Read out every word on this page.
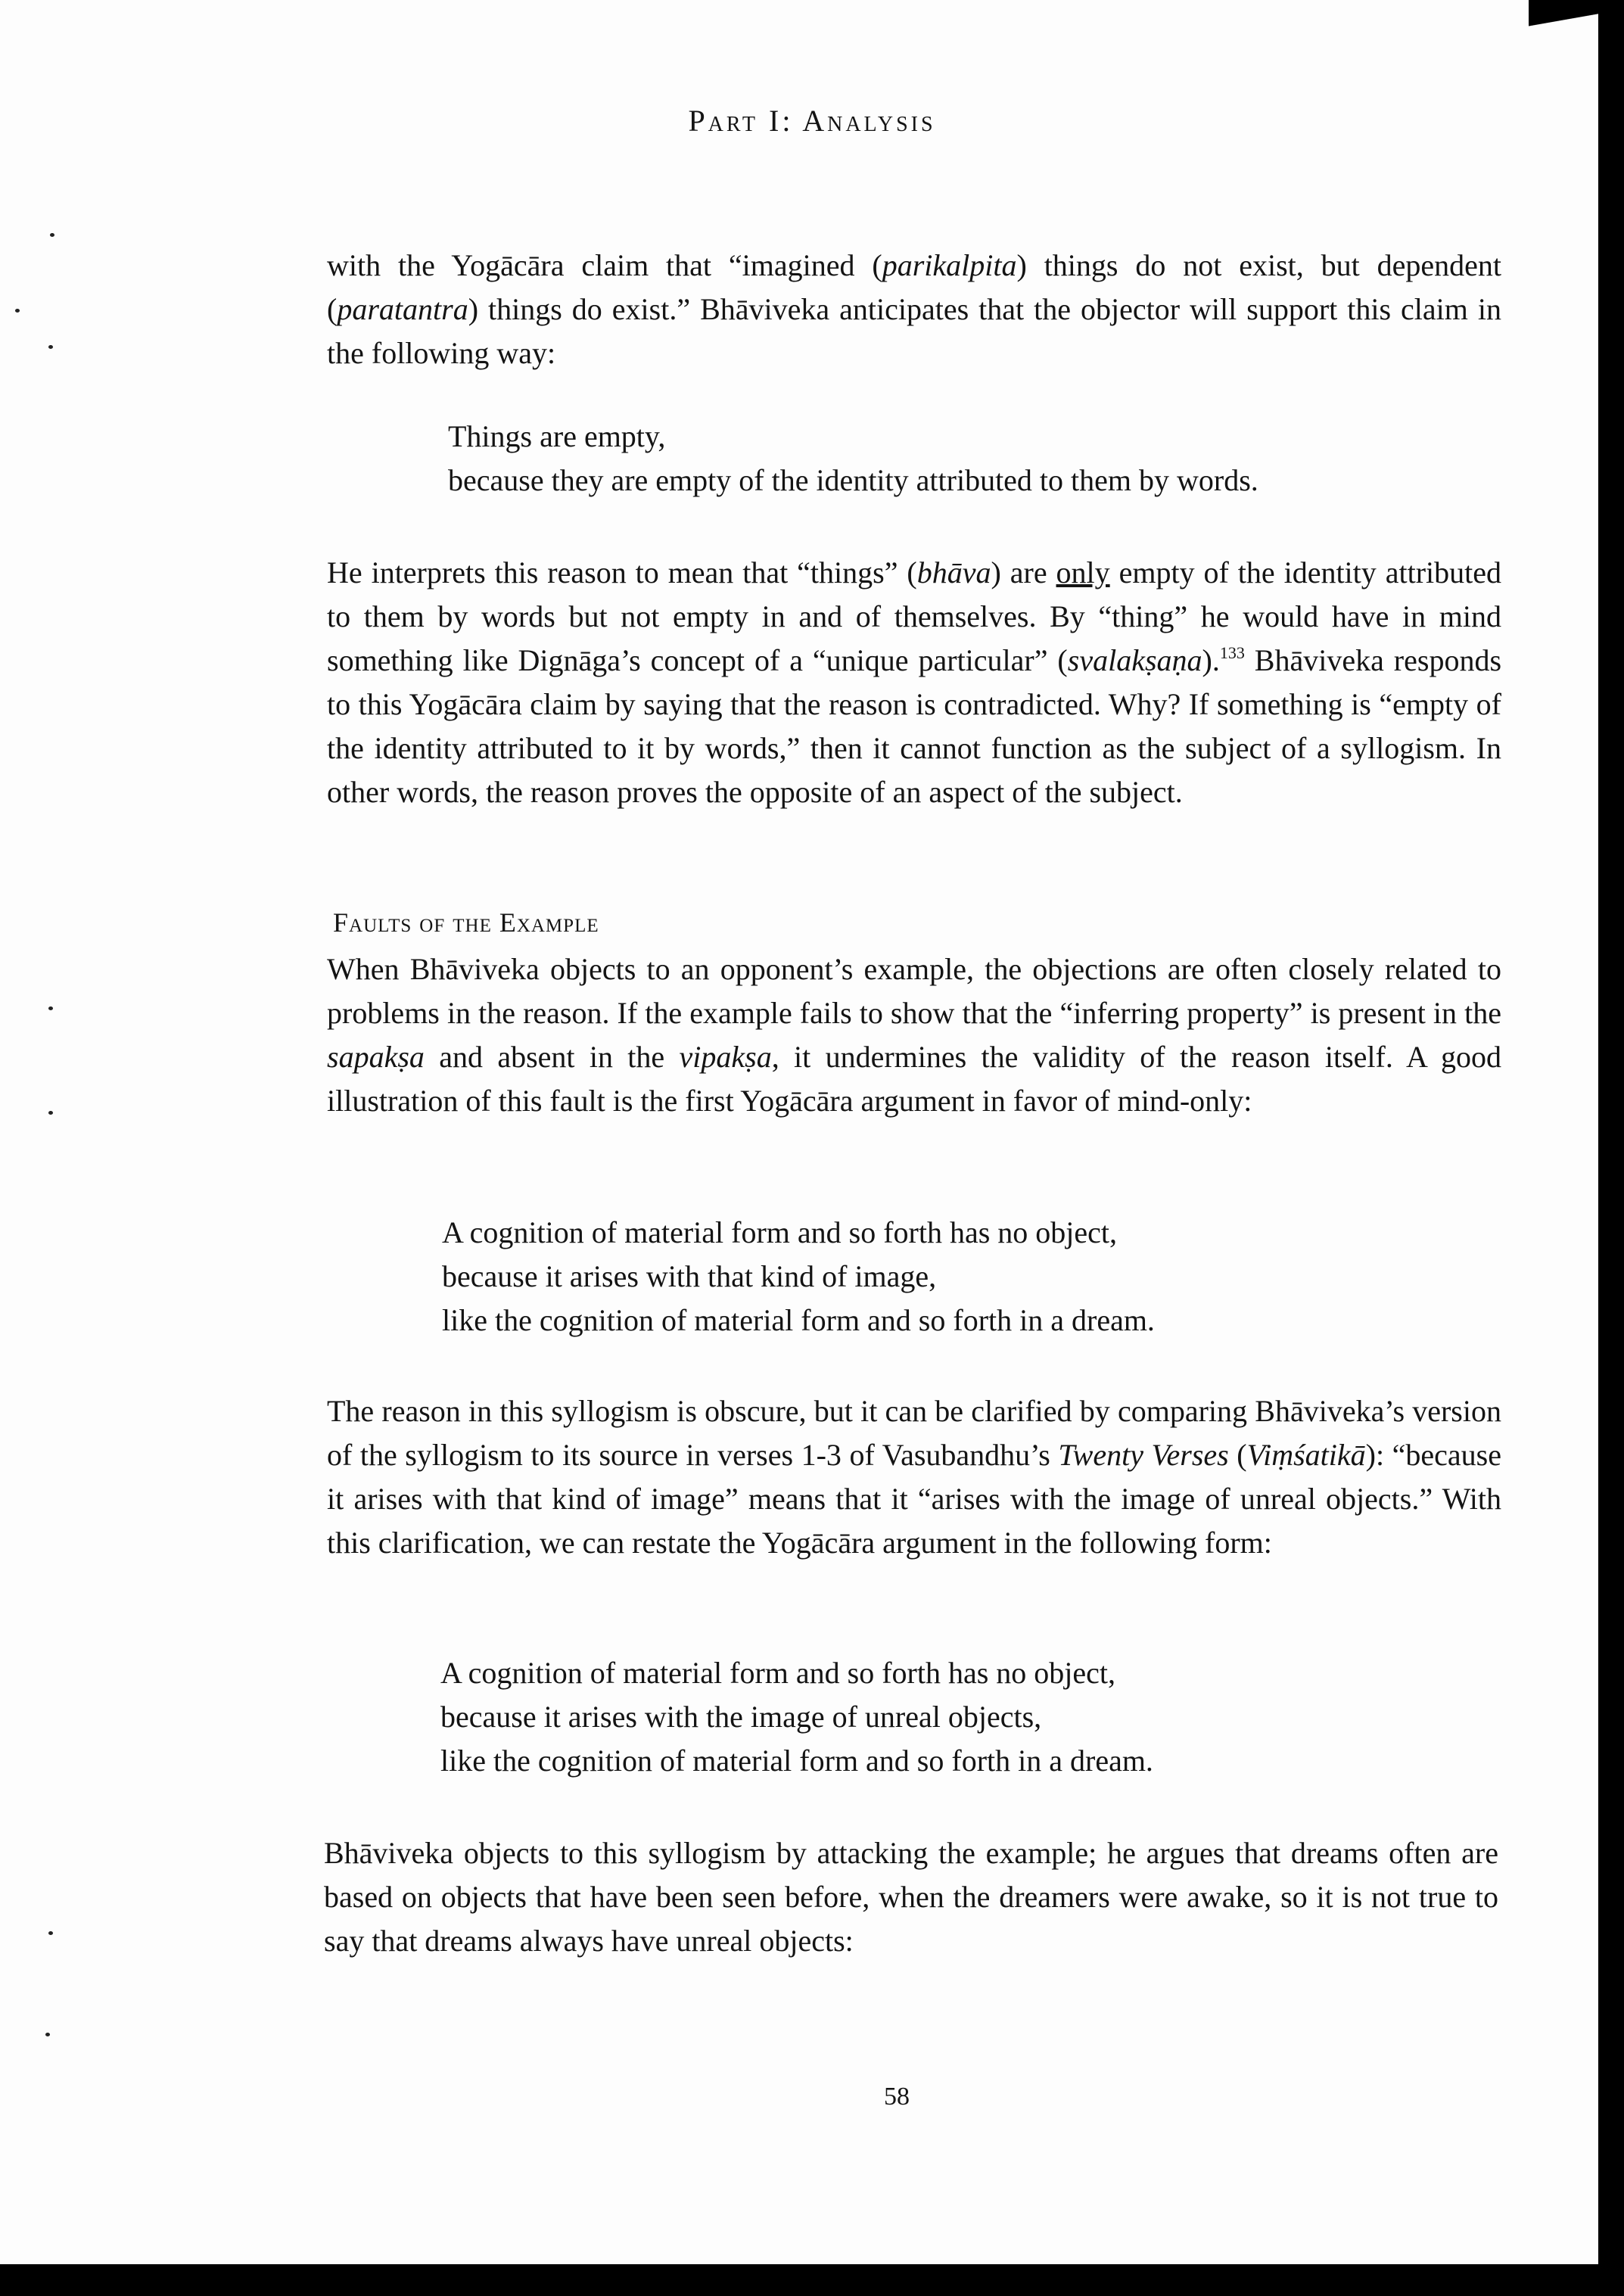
Part I: Analysis

with the Yogācāra claim that “imagined (parikalpita) things do not exist, but dependent (paratantra) things do exist.” Bhāviveka anticipates that the objector will support this claim in the following way:

Things are empty,
because they are empty of the identity attributed to them by words.

He interprets this reason to mean that “things” (bhāva) are only empty of the identity attributed to them by words but not empty in and of themselves. By “thing” he would have in mind something like Dignāga’s concept of a “unique particular” (svalakṣaṇa).$^{133}$ Bhāviveka responds to this Yogācāra claim by saying that the reason is contradicted. Why? If something is “empty of the identity attributed to it by words,” then it cannot function as the subject of a syllogism. In other words, the reason proves the opposite of an aspect of the subject.

Faults of the Example

When Bhāviveka objects to an opponent’s example, the objections are often closely related to problems in the reason. If the example fails to show that the “inferring property” is present in the sapakṣa and absent in the vipakṣa, it undermines the validity of the reason itself. A good illustration of this fault is the first Yogācāra argument in favor of mind-only:

A cognition of material form and so forth has no object,
because it arises with that kind of image,
like the cognition of material form and so forth in a dream.

The reason in this syllogism is obscure, but it can be clarified by comparing Bhāviveka’s version of the syllogism to its source in verses 1-3 of Vasubandhu’s Twenty Verses (Viṃśatikā): “because it arises with that kind of image” means that it “arises with the image of unreal objects.” With this clarification, we can restate the Yogācāra argument in the following form:

A cognition of material form and so forth has no object,
because it arises with the image of unreal objects,
like the cognition of material form and so forth in a dream.

Bhāviveka objects to this syllogism by attacking the example; he argues that dreams often are based on objects that have been seen before, when the dreamers were awake, so it is not true to say that dreams always have unreal objects:

58
